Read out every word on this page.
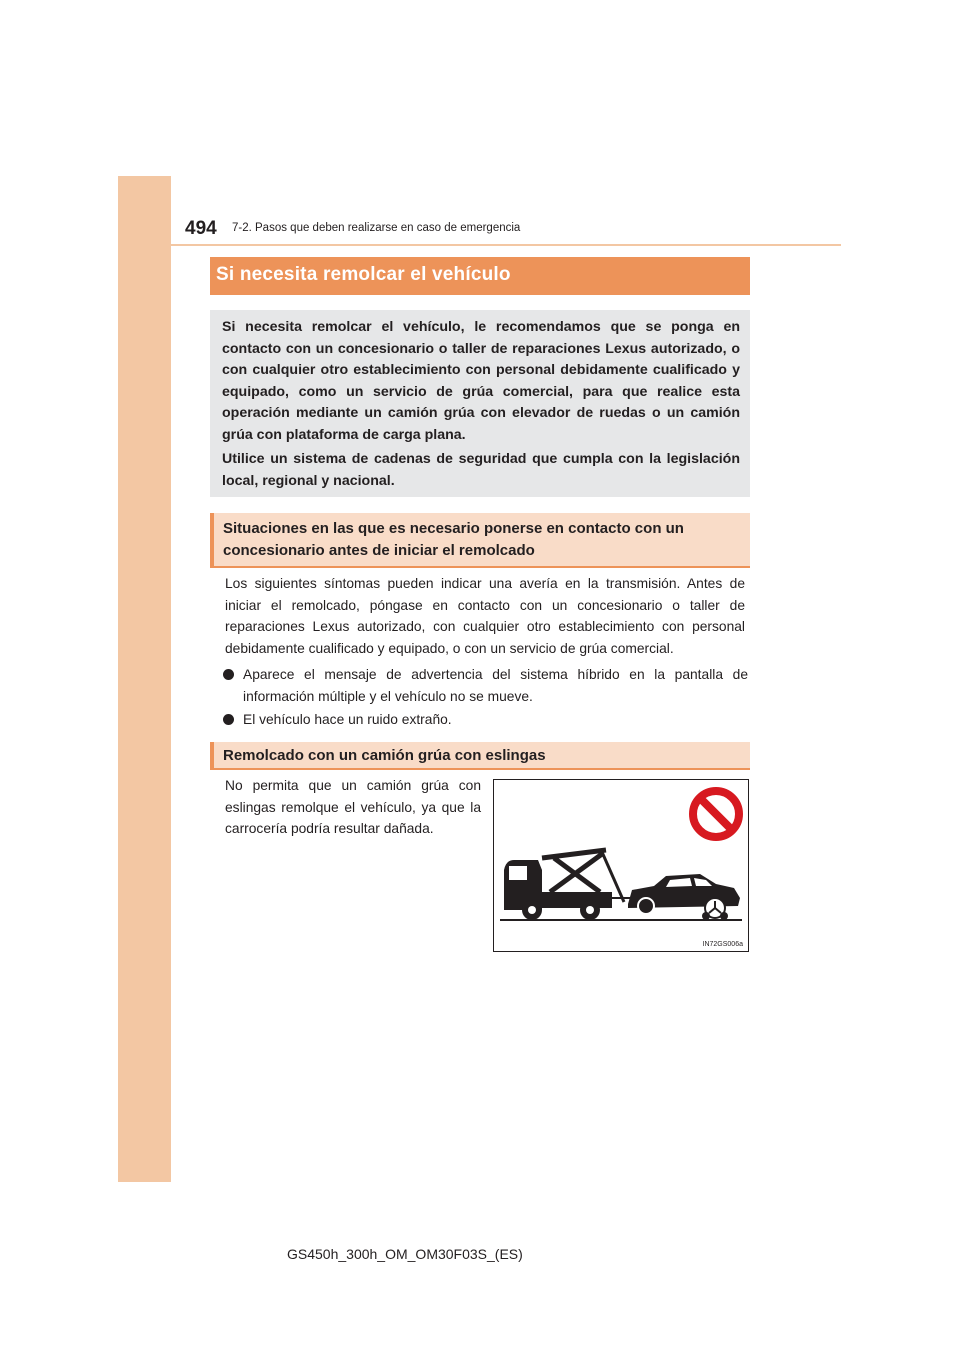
494 7-2. Pasos que deben realizarse en caso de emergencia
Si necesita remolcar el vehículo

Si necesita remolcar el vehículo, le recomendamos que se ponga en contacto con un concesionario o taller de reparaciones Lexus autorizado, o con cualquier otro establecimiento con personal debidamente cualificado y equipado, como un servicio de grúa comercial, para que realice esta operación mediante un camión grúa con elevador de ruedas o un camión grúa con plataforma de carga plana.

Utilice un sistema de cadenas de seguridad que cumpla con la legislación local, regional y nacional.

Situaciones en las que es necesario ponerse en contacto con un concesionario antes de iniciar el remolcado

Los siguientes síntomas pueden indicar una avería en la transmisión. Antes de iniciar el remolcado, póngase en contacto con un concesionario o taller de reparaciones Lexus autorizado, con cualquier otro establecimiento con personal debidamente cualificado y equipado, o con un servicio de grúa comercial.

Aparece el mensaje de advertencia del sistema híbrido en la pantalla de información múltiple y el vehículo no se mueve.
El vehículo hace un ruido extraño.
Remolcado con un camión grúa con eslingas

No permita que un camión grúa con eslingas remolque el vehículo, ya que la carrocería podría resultar dañada.

IN72GS006a
GS450h_300h_OM_OM30F03S_(ES)
